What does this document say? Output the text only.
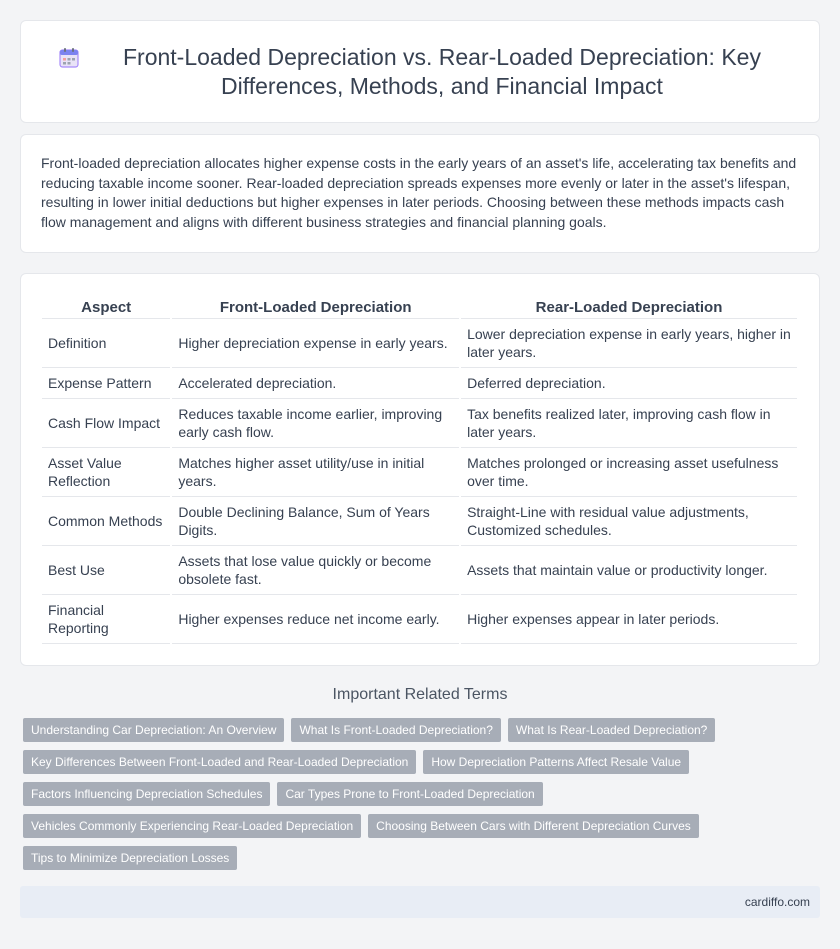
Front-Loaded Depreciation vs. Rear-Loaded Depreciation: Key Differences, Methods, and Financial Impact

Front-loaded depreciation allocates higher expense costs in the early years of an asset's life, accelerating tax benefits and reducing taxable income sooner. Rear-loaded depreciation spreads expenses more evenly or later in the asset's lifespan, resulting in lower initial deductions but higher expenses in later periods. Choosing between these methods impacts cash flow management and aligns with different business strategies and financial planning goals.

Aspect	Front-Loaded Depreciation	Rear-Loaded Depreciation
Definition	Higher depreciation expense in early years.	Lower depreciation expense in early years, higher in later years.
Expense Pattern	Accelerated depreciation.	Deferred depreciation.
Cash Flow Impact	Reduces taxable income earlier, improving early cash flow.	Tax benefits realized later, improving cash flow in later years.
Asset Value Reflection	Matches higher asset utility/use in initial years.	Matches prolonged or increasing asset usefulness over time.
Common Methods	Double Declining Balance, Sum of Years Digits.	Straight-Line with residual value adjustments, Customized schedules.
Best Use	Assets that lose value quickly or become obsolete fast.	Assets that maintain value or productivity longer.
Financial Reporting	Higher expenses reduce net income early.	Higher expenses appear in later periods.
Important Related Terms
Understanding Car Depreciation: An Overview	What Is Front-Loaded Depreciation?	What Is Rear-Loaded Depreciation?
Key Differences Between Front-Loaded and Rear-Loaded Depreciation	How Depreciation Patterns Affect Resale Value
Factors Influencing Depreciation Schedules	Car Types Prone to Front-Loaded Depreciation
Vehicles Commonly Experiencing Rear-Loaded Depreciation	Choosing Between Cars with Different Depreciation Curves
Tips to Minimize Depreciation Losses
cardiffo.com
